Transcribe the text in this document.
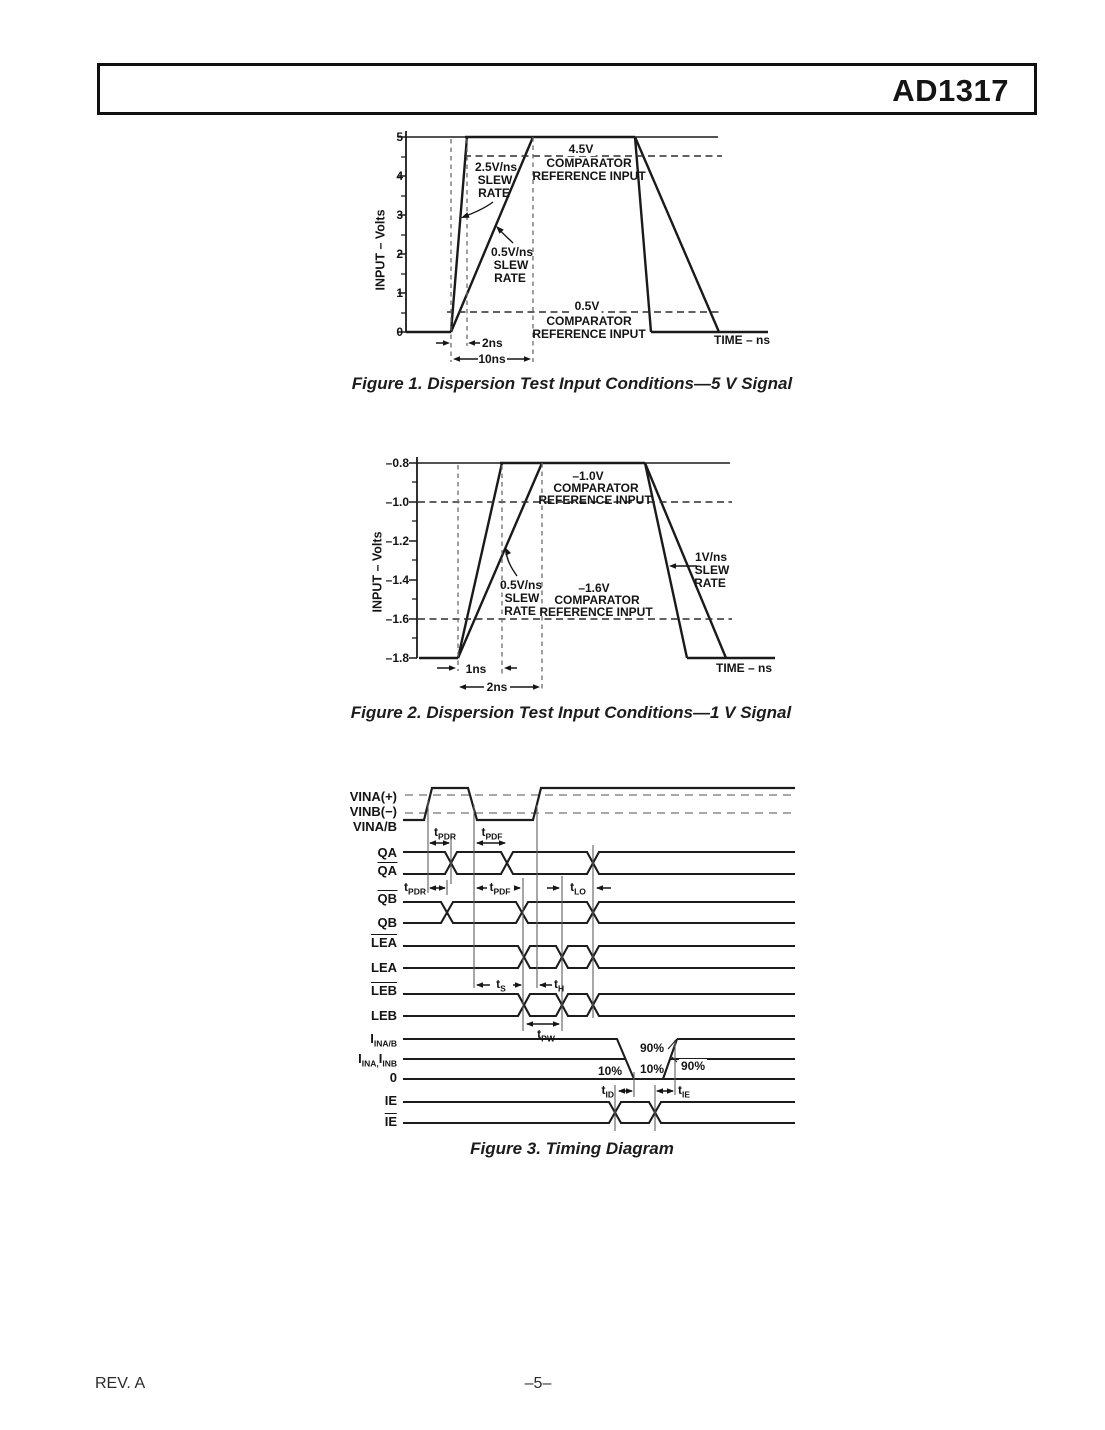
AD1317
5
4
3
2
1
0
INPUT – Volts
TIME – ns
4.5V
COMPARATOR
REFERENCE INPUT
0.5V
COMPARATOR
REFERENCE INPUT
2.5V/ns
SLEW
RATE
0.5V/ns
SLEW
RATE
2ns
10ns
Figure 1. Dispersion Test Input Conditions—5 V Signal
–0.8
–1.0
–1.2
–1.4
–1.6
–1.8
INPUT – Volts
TIME – ns
–1.0V
COMPARATOR
REFERENCE INPUT
–1.6V
COMPARATOR
REFERENCE INPUT
0.5V/ns
SLEW
RATE
1V/ns
SLEW
RATE
1ns
2ns
Figure 2. Dispersion Test Input Conditions—1 V Signal
VINA(+)
VINB(−)
VINA/B
QA
QA
QB
QB
LEA
LEA
LEB
LEB
$I_{INA/B}$
$I_{INA,}I_{INB}$
0
IE
IE
$t_{PDR}$ $t_{PDF}$
$t_{PDR}$	$t_{PDF}$	$t_{LO}$
$t_S$	$t_H$
$t_{PW}$
$t_{ID}$	$t_{IE}$
10% 10%
90%
90%
Figure 3. Timing Diagram
REV. A	–5–
